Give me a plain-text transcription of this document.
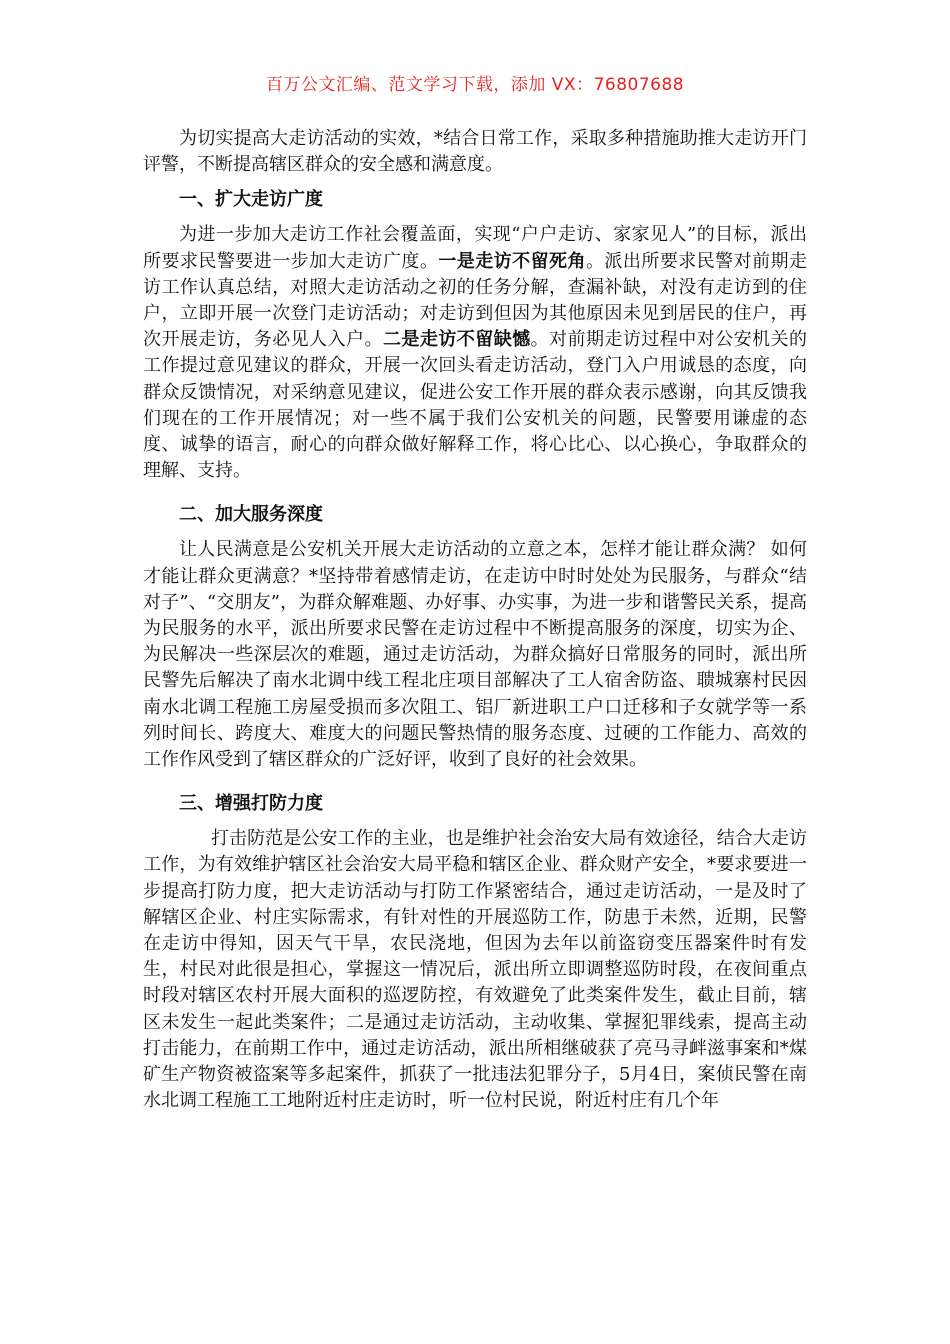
百万公文汇编、范文学习下载，添加 VX：76807688

为切实提高大走访活动的实效，*结合日常工作，采取多种措施助推大走访开门评警，不断提高辖区群众的安全感和满意度。

一、扩大走访广度

为进一步加大走访工作社会覆盖面，实现“户户走访、家家见人”的目标，派出所要求民警要进一步加大走访广度。一是走访不留死角。派出所要求民警对前期走访工作认真总结，对照大走访活动之初的任务分解，查漏补缺，对没有走访到的住户，立即开展一次登门走访活动；对走访到但因为其他原因未见到居民的住户，再次开展走访，务必见人入户。二是走访不留缺憾。对前期走访过程中对公安机关的工作提过意见建议的群众，开展一次回头看走访活动，登门入户用诚恳的态度，向群众反馈情况，对采纳意见建议，促进公安工作开展的群众表示感谢，向其反馈我们现在的工作开展情况；对一些不属于我们公安机关的问题，民警要用谦虚的态度、诚挚的语言，耐心的向群众做好解释工作，将心比心、以心换心，争取群众的理解、支持。

二、加大服务深度

让人民满意是公安机关开展大走访活动的立意之本，怎样才能让群众满？ 如何才能让群众更满意？*坚持带着感情走访，在走访中时时处处为民服务，与群众“结对子”、“交朋友”，为群众解难题、办好事、办实事，为进一步和谐警民关系，提高为民服务的水平，派出所要求民警在走访过程中不断提高服务的深度，切实为企、为民解决一些深层次的难题，通过走访活动，为群众搞好日常服务的同时，派出所民警先后解决了南水北调中线工程北庄项目部解决了工人宿舍防盗、聩城寨村民因南水北调工程施工房屋受损而多次阻工、铝厂新进职工户口迁移和子女就学等一系列时间长、跨度大、难度大的问题民警热情的服务态度、过硬的工作能力、高效的工作作风受到了辖区群众的广泛好评，收到了良好的社会效果。

三、增强打防力度

打击防范是公安工作的主业，也是维护社会治安大局有效途径，结合大走访工作，为有效维护辖区社会治安大局平稳和辖区企业、群众财产安全，*要求要进一步提高打防力度，把大走访活动与打防工作紧密结合，通过走访活动，一是及时了解辖区企业、村庄实际需求，有针对性的开展巡防工作，防患于未然，近期，民警在走访中得知，因天气干旱，农民浇地，但因为去年以前盗窃变压器案件时有发生，村民对此很是担心，掌握这一情况后，派出所立即调整巡防时段，在夜间重点时段对辖区农村开展大面积的巡逻防控，有效避免了此类案件发生，截止目前，辖区未发生一起此类案件；二是通过走访活动，主动收集、掌握犯罪线索，提高主动打击能力，在前期工作中，通过走访活动，派出所相继破获了亮马寻衅滋事案和*煤矿生产物资被盗案等多起案件，抓获了一批违法犯罪分子，5月4日，案侦民警在南水北调工程施工工地附近村庄走访时，听一位村民说，附近村庄有几个年
